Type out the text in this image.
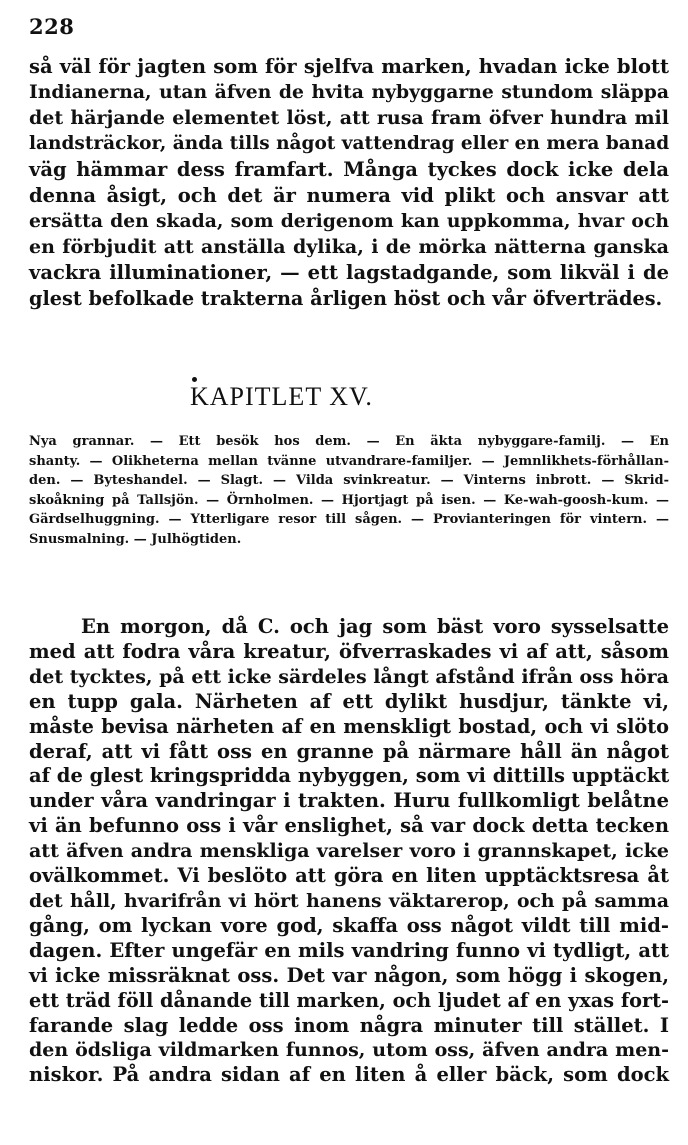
228
så väl för jagten som för sjelfva marken, hvadan icke blott
Indianerna, utan äfven de hvita nybyggarne stundom släppa
det härjande elementet löst, att rusa fram öfver hundra mil
landsträckor, ända tills något vattendrag eller en mera banad
väg hämmar dess framfart. Många tyckes dock icke dela
denna åsigt, och det är numera vid plikt och ansvar att
ersätta den skada, som derigenom kan uppkomma, hvar och
en förbjudit att anställa dylika, i de mörka nätterna ganska
vackra illuminationer, — ett lagstadgande, som likväl i de
glest befolkade trakterna årligen höst och vår öfverträdes.
KAPITLET XV.
Nya grannar. — Ett besök hos dem. — En äkta nybyggare-familj. — En
shanty. — Olikheterna mellan tvänne utvandrare-familjer. — Jemnlikhets-förhållan-
den. — Byteshandel. — Slagt. — Vilda svinkreatur. — Vinterns inbrott. — Skrid-
skoåkning på Tallsjön. — Örnholmen. — Hjortjagt på isen. — Ke-wah-goosh-kum. —
Gärdselhuggning. — Ytterligare resor till sågen. — Provianteringen för vintern. —
Snusmalning. — Julhögtiden.
En morgon, då C. och jag som bäst voro sysselsatte
med att fodra våra kreatur, öfverraskades vi af att, såsom
det tycktes, på ett icke särdeles långt afstånd ifrån oss höra
en tupp gala. Närheten af ett dylikt husdjur, tänkte vi,
måste bevisa närheten af en menskligt bostad, och vi slöto
deraf, att vi fått oss en granne på närmare håll än något
af de glest kringspridda nybyggen, som vi dittills upptäckt
under våra vandringar i trakten. Huru fullkomligt belåtne
vi än befunno oss i vår enslighet, så var dock detta tecken
att äfven andra menskliga varelser voro i grannskapet, icke
ovälkommet. Vi beslöto att göra en liten upptäcktsresa åt
det håll, hvarifrån vi hört hanens väktarerop, och på samma
gång, om lyckan vore god, skaffa oss något vildt till mid-
dagen. Efter ungefär en mils vandring funno vi tydligt, att
vi icke missräknat oss. Det var någon, som högg i skogen,
ett träd föll dånande till marken, och ljudet af en yxas fort-
farande slag ledde oss inom några minuter till stället. I
den ödsliga vildmarken funnos, utom oss, äfven andra men-
niskor. På andra sidan af en liten å eller bäck, som dock
